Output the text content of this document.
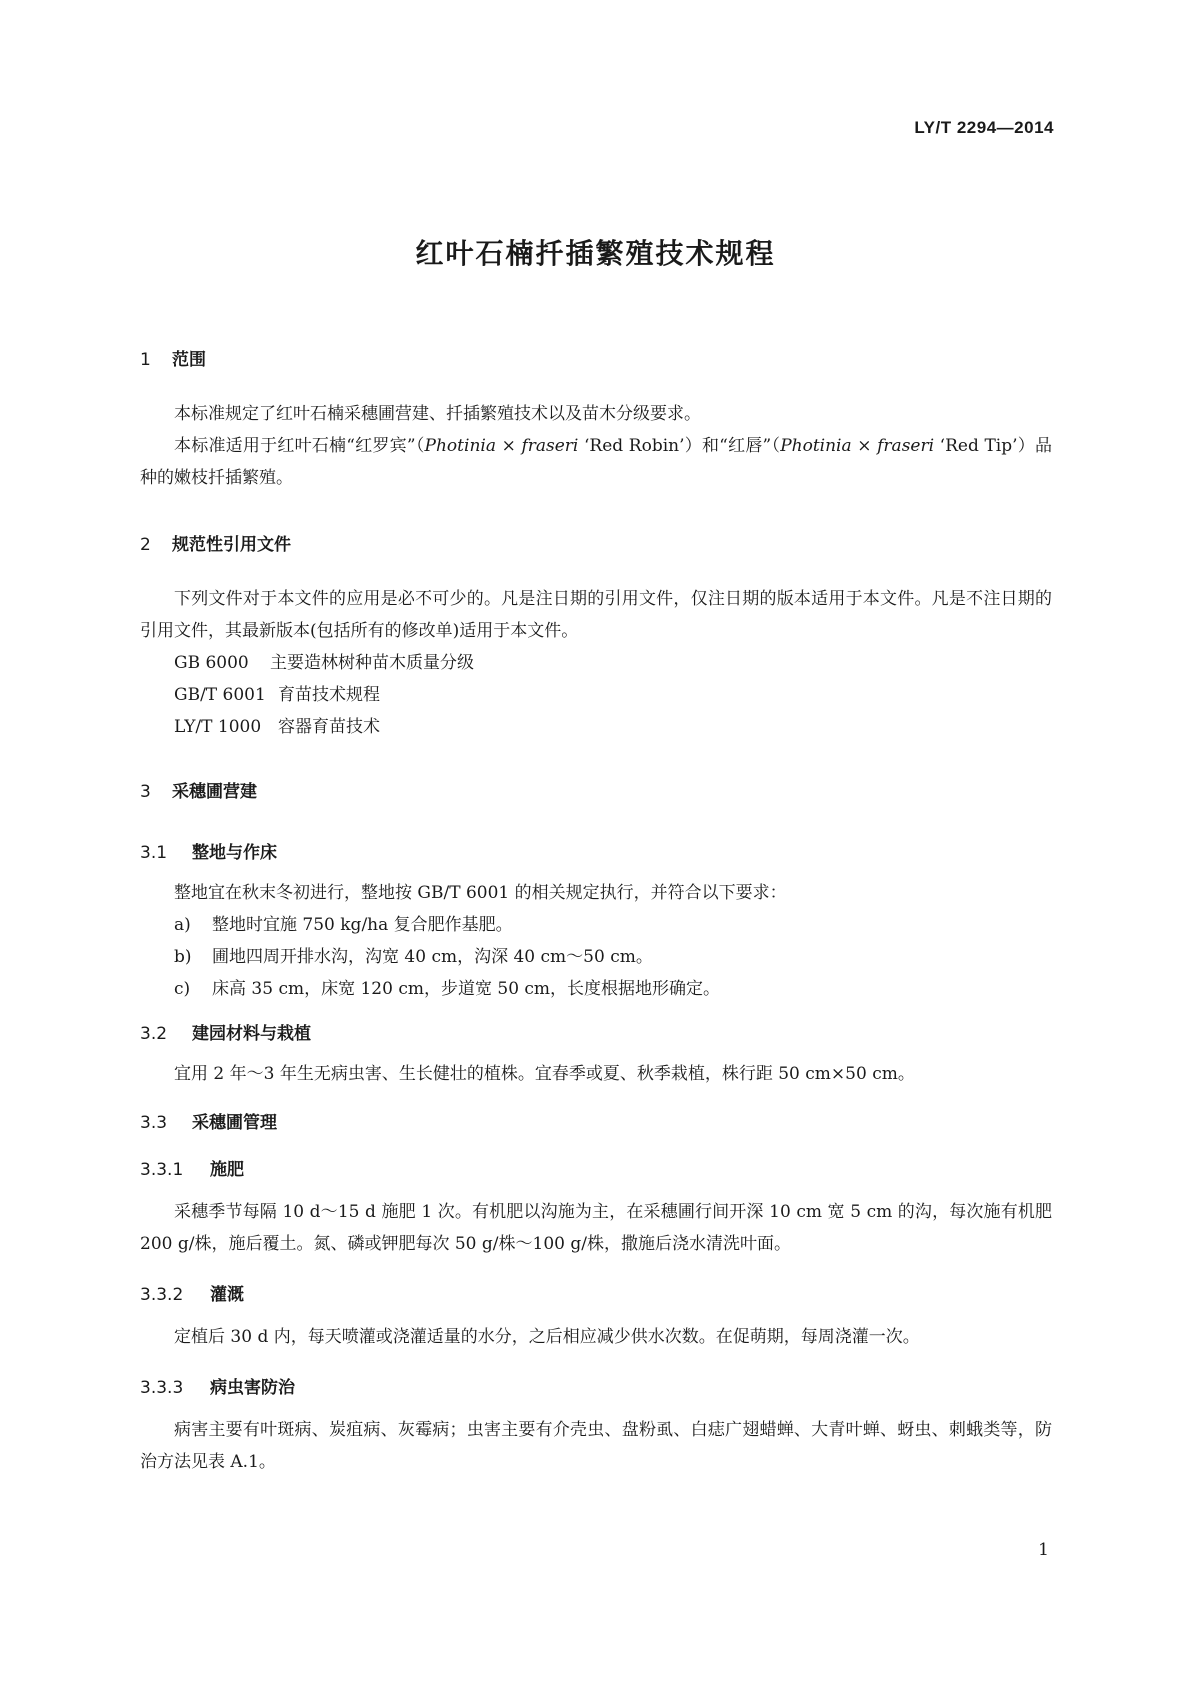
LY/T 2294—2014
红叶石楠扦插繁殖技术规程
1 范围

本标准规定了红叶石楠采穗圃营建、扦插繁殖技术以及苗木分级要求。

本标准适用于红叶石楠“红罗宾”（Photinia × fraseri ‘Red Robin’）和“红唇”（Photinia × fraseri ‘Red Tip’）品种的嫩枝扦插繁殖。

2 规范性引用文件

下列文件对于本文件的应用是必不可少的。凡是注日期的引用文件，仅注日期的版本适用于本文件。凡是不注日期的引用文件，其最新版本(包括所有的修改单)适用于本文件。

GB 6000 主要造林树种苗木质量分级
GB/T 6001 育苗技术规程
LY/T 1000 容器育苗技术
3 采穗圃营建
3.1 整地与作床

整地宜在秋末冬初进行，整地按 GB/T 6001 的相关规定执行，并符合以下要求：

a) 整地时宜施 750 kg/ha 复合肥作基肥。
b) 圃地四周开排水沟，沟宽 40 cm，沟深 40 cm～50 cm。
c) 床高 35 cm，床宽 120 cm，步道宽 50 cm，长度根据地形确定。
3.2 建园材料与栽植

宜用 2 年～3 年生无病虫害、生长健壮的植株。宜春季或夏、秋季栽植，株行距 50 cm×50 cm。

3.3 采穗圃管理
3.3.1 施肥

采穗季节每隔 10 d～15 d 施肥 1 次。有机肥以沟施为主，在采穗圃行间开深 10 cm 宽 5 cm 的沟，每次施有机肥 200 g/株，施后覆土。氮、磷或钾肥每次 50 g/株～100 g/株，撒施后浇水清洗叶面。

3.3.2 灌溉

定植后 30 d 内，每天喷灌或浇灌适量的水分，之后相应减少供水次数。在促萌期，每周浇灌一次。

3.3.3 病虫害防治

病害主要有叶斑病、炭疽病、灰霉病；虫害主要有介壳虫、盘粉虱、白痣广翅蜡蝉、大青叶蝉、蚜虫、刺蛾类等，防治方法见表 A.1。

1
